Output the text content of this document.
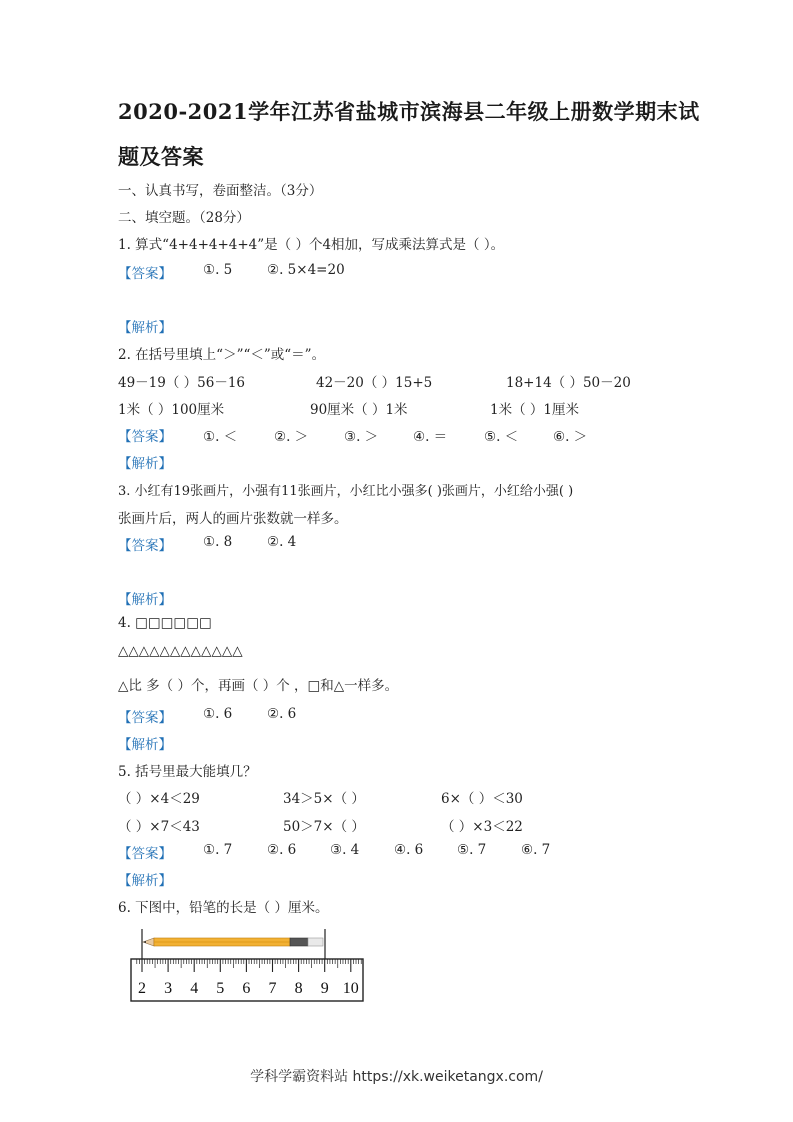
2020-2021学年江苏省盐城市滨海县二年级上册数学期末试
题及答案
一、认真书写，卷面整洁。（3分）
二、填空题。（28分）
1. 算式“4+4+4+4+4”是（ ）个4相加，写成乘法算式是（ ）。
【答案】 ①. 5	②. 5×4=20
【解析】
2. 在括号里填上“＞”“＜”或“＝”。
49－19（ ）56－16	42－20（ ）15+5	18+14（ ）50－20
1米（ ）100厘米	90厘米（ ）1米	1米（ ）1厘米
【答案】 ①. ＜	②. ＞	③. ＞	④. ＝	⑤. ＜	⑥. ＞
【解析】
3. 小红有19张画片，小强有11张画片，小红比小强多( )张画片，小红给小强( )
张画片后，两人的画片张数就一样多。
【答案】 ①. 8	②. 4
【解析】
4. □□□□□□
△△△△△△△△△△△△
△比 多（ ）个，再画（ ）个 ，□和△一样多。
【答案】 ①. 6	②. 6
【解析】
5. 括号里最大能填几？
（ ）×4＜29	34＞5×（ ）	6×（ ）＜30
（ ）×7＜43	50＞7×（ ）	（ ）×3＜22
【答案】 ①. 7	②. 6 ③. 4	④. 6 ⑤. 7	⑥. 7
【解析】
6. 下图中，铅笔的长是（ ）厘米。
2 3 4 5 6 7 8 9 10
学科学霸资料站 https://xk.weiketangx.com/
